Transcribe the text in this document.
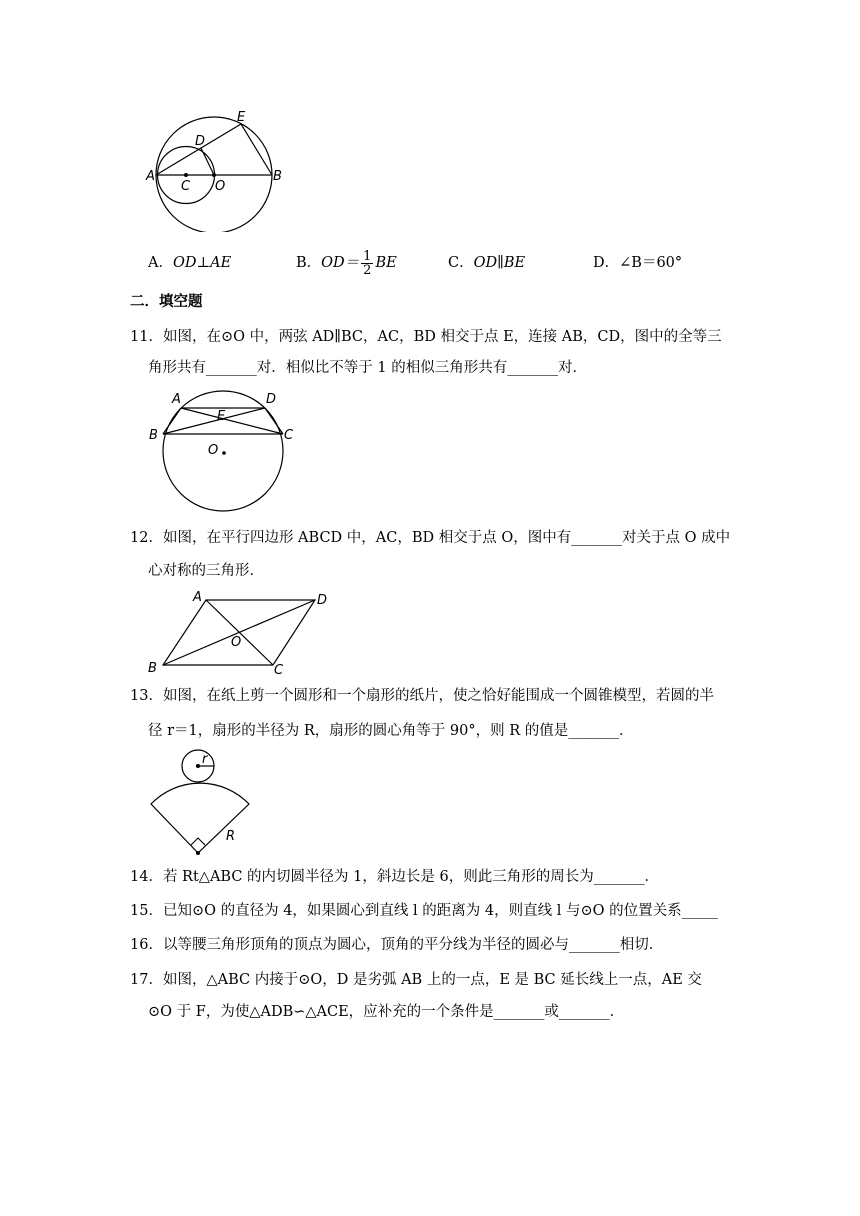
A	B
C O
D
E
A．OD⊥AE	B．$OD= \frac{1}{2}$ BE	C．OD∥BE	D．∠B＝60°
二．填空题
11．如图，在⊙O 中，两弦 AD∥BC，AC，BD 相交于点 E，连接 AB，CD，图中的全等三
角形共有_______对．相似比不等于 1 的相似三角形共有_______对．
A	D
E
O
B	C
12．如图，在平行四边形 ABCD 中，AC，BD 相交于点 O，图中有_______对关于点 O 成中
心对称的三角形．
A	D
O
B	C
13．如图，在纸上剪一个圆形和一个扇形的纸片，使之恰好能围成一个圆锥模型，若圆的半
径 r＝1，扇形的半径为 R，扇形的圆心角等于 90°，则 R 的值是_______．
r
R
14．若 Rt△ABC 的内切圆半径为 1，斜边长是 6，则此三角形的周长为_______．
15．已知⊙O 的直径为 4，如果圆心到直线 l 的距离为 4，则直线 l 与⊙O 的位置关系_____
16．以等腰三角形顶角的顶点为圆心，顶角的平分线为半径的圆必与_______相切．
17．如图，△ABC 内接于⊙O，D 是劣弧 AB 上的一点，E 是 BC 延长线上一点，AE 交
⊙O 于 F，为使△ADB∽△ACE，应补充的一个条件是_______或_______．
